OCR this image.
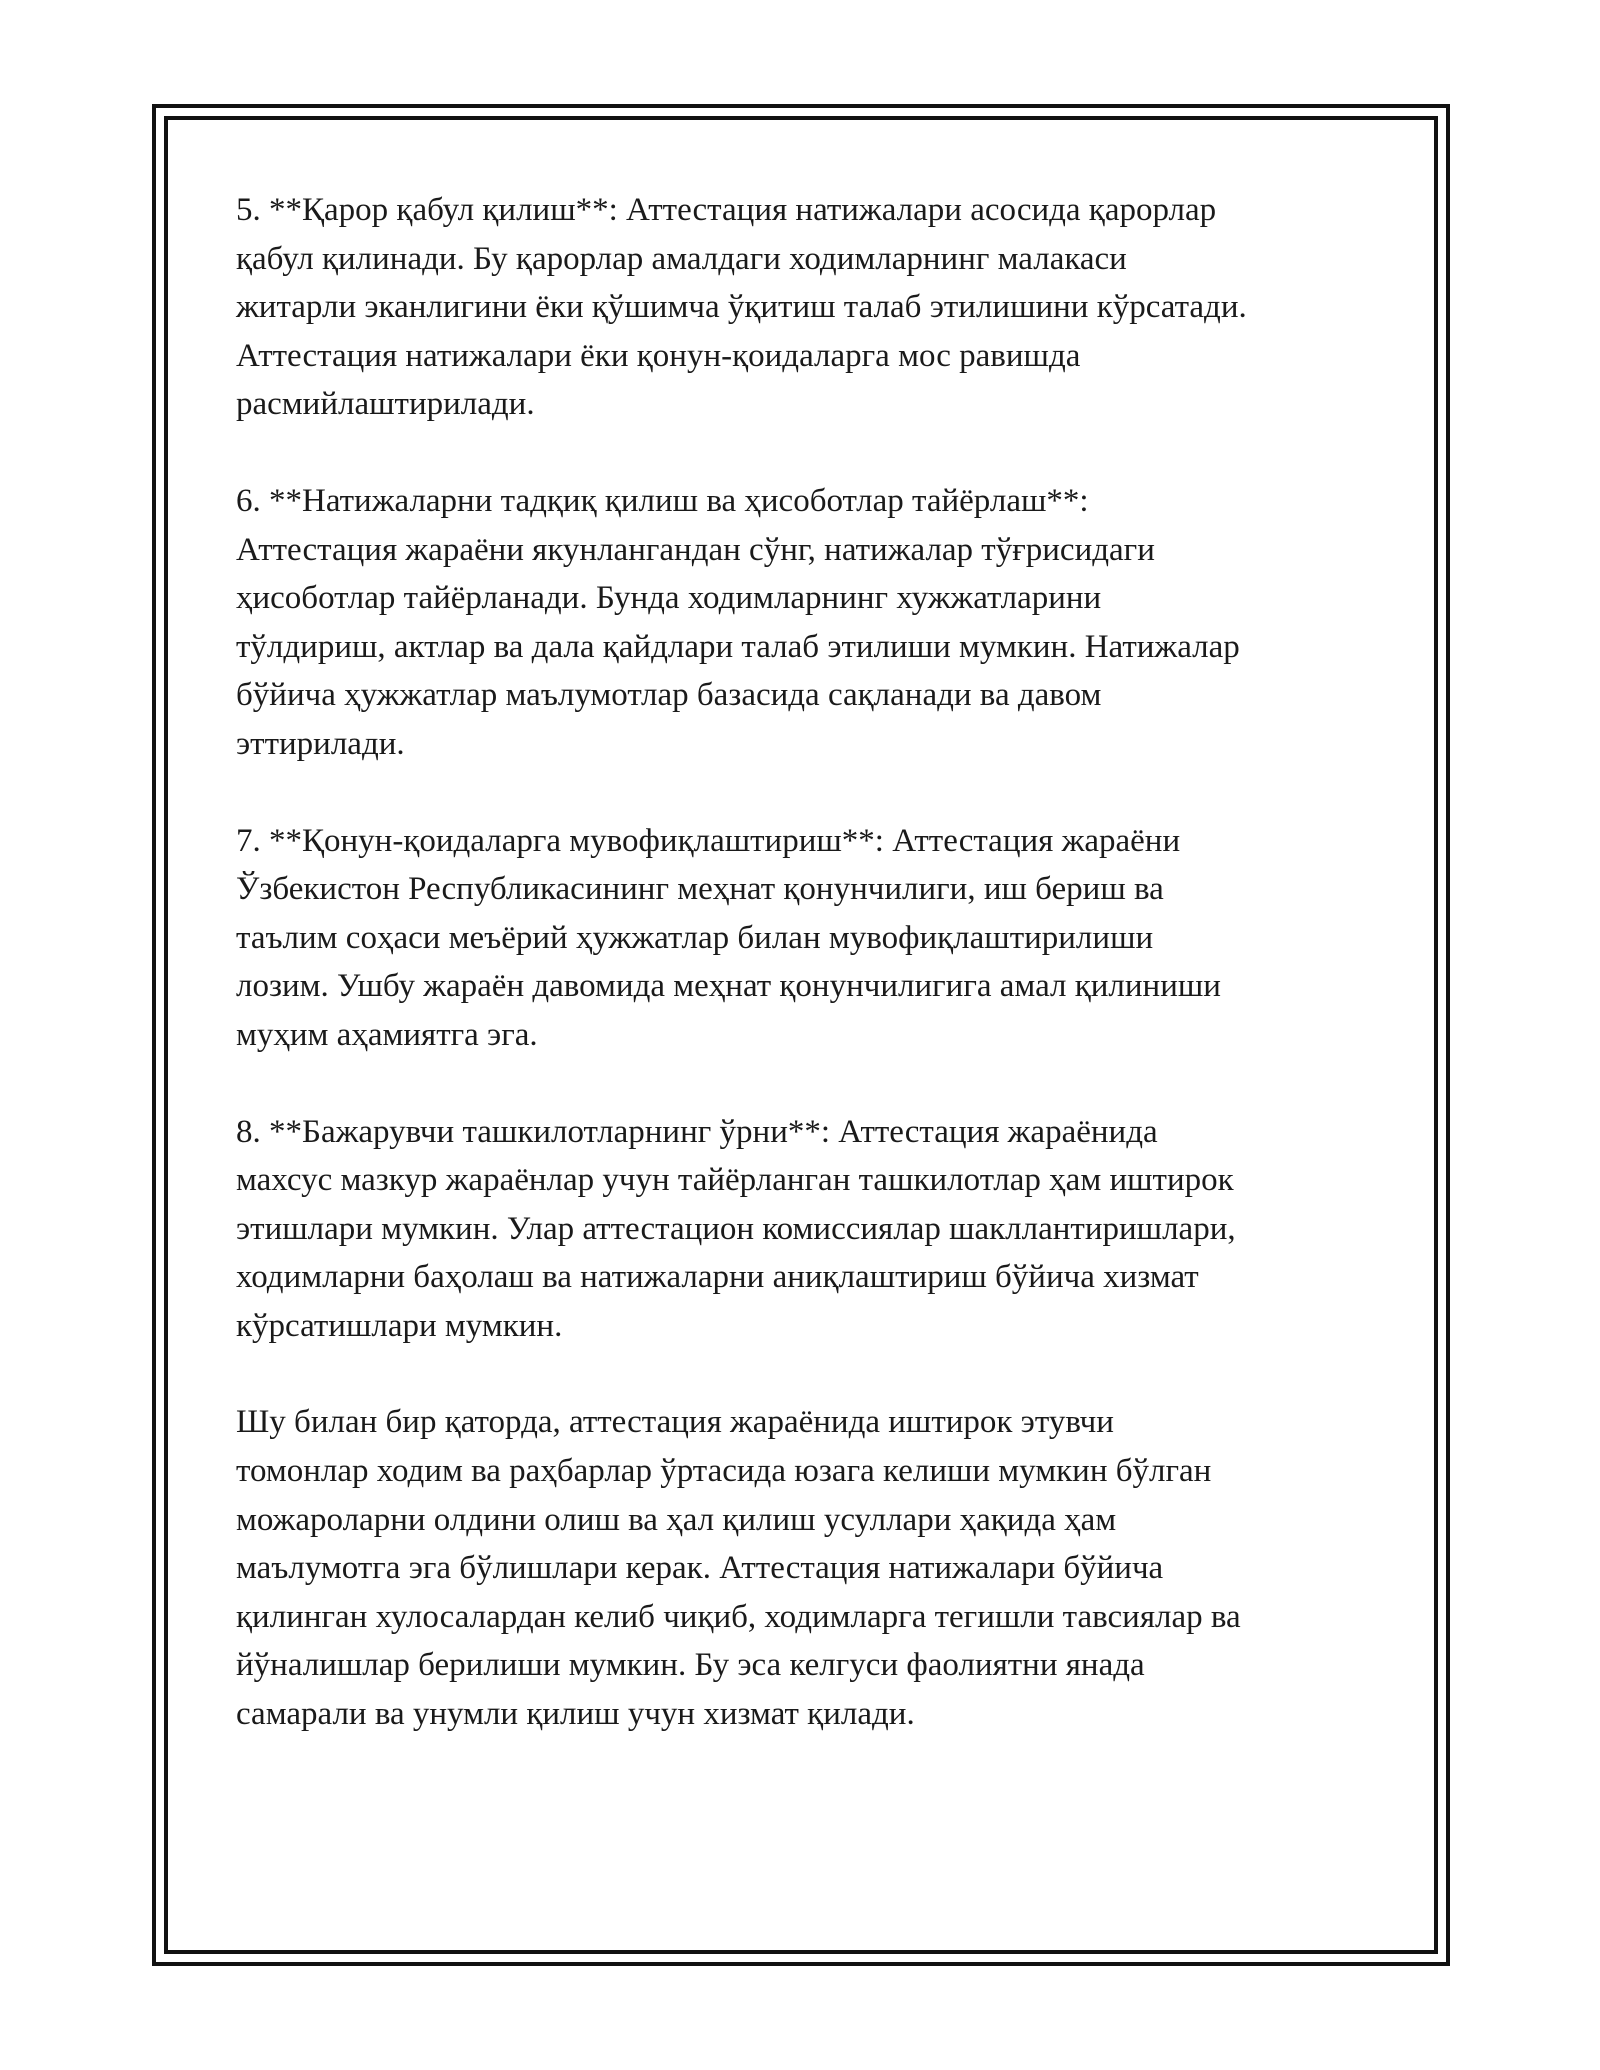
5. **Қарор қабул қилиш**: Аттестация натижалари асосида қарорлар
қабул қилинади. Бу қарорлар амалдаги ходимларнинг малакаси
житарли эканлигини ёки қўшимча ўқитиш талаб этилишини кўрсатади.
Аттестация натижалари ёки қонун-қоидаларга мос равишда
расмийлаштирилади.

6. **Натижаларни тадқиқ қилиш ва ҳисоботлар тайёрлаш**:
Аттестация жараёни якунлангандан сўнг, натижалар тўғрисидаги
ҳисоботлар тайёрланади. Бунда ходимларнинг хужжатларини
тўлдириш, актлар ва дала қайдлари талаб этилиши мумкин. Натижалар
бўйича ҳужжатлар маълумотлар базасида сақланади ва давом
эттирилади.

7. **Қонун-қоидаларга мувофиқлаштириш**: Аттестация жараёни
Ўзбекистон Республикасининг меҳнат қонунчилиги, иш бериш ва
таълим соҳаси меъёрий ҳужжатлар билан мувофиқлаштирилиши
лозим. Ушбу жараён давомида меҳнат қонунчилигига амал қилиниши
муҳим аҳамиятга эга.

8. **Бажарувчи ташкилотларнинг ўрни**: Аттестация жараёнида
махсус мазкур жараёнлар учун тайёрланган ташкилотлар ҳам иштирок
этишлари мумкин. Улар аттестацион комиссиялар шакллантиришлари,
ходимларни баҳолаш ва натижаларни аниқлаштириш бўйича хизмат
кўрсатишлари мумкин.

Шу билан бир қаторда, аттестация жараёнида иштирок этувчи
томонлар ходим ва раҳбарлар ўртасида юзага келиши мумкин бўлган
можароларни олдини олиш ва ҳал қилиш усуллари ҳақида ҳам
маълумотга эга бўлишлари керак. Аттестация натижалари бўйича
қилинган хулосалардан келиб чиқиб, ходимларга тегишли тавсиялар ва
йўналишлар берилиши мумкин. Бу эса келгуси фаолиятни янада
самарали ва унумли қилиш учун хизмат қилади.
